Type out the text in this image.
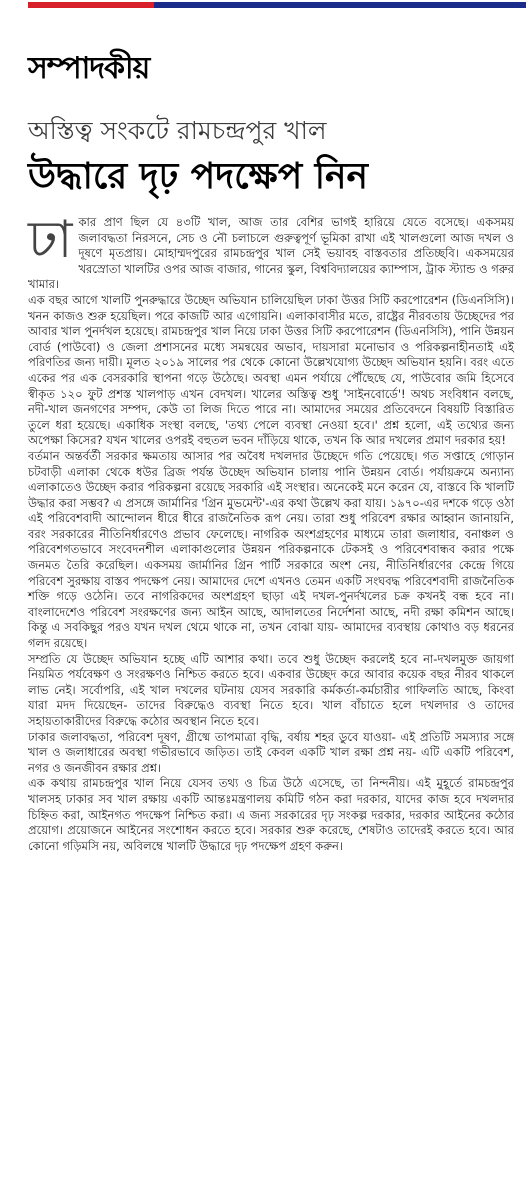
সম্পাদকীয়
অস্তিত্ব সংকটে রামচন্দ্রপুর খাল
উদ্ধারে দৃঢ় পদক্ষেপ নিন

ঢাকার প্রাণ ছিল যে ৪৩টি খাল, আজ তার বেশির ভাগই হারিয়ে যেতে বসেছে। একসময় জলাবদ্ধতা নিরসনে, সেচ ও নৌ চলাচলে গুরুত্বপূর্ণ ভূমিকা রাখা এই খালগুলো আজ দখল ও দূষণে মৃতপ্রায়। মোহাম্মদপুরের রামচন্দ্রপুর খাল সেই ভয়াবহ বাস্তবতার প্রতিচ্ছবি। একসময়ের খরস্রোতা খালটির ওপর আজ বাজার, গানের স্কুল, বিশ্ববিদ্যালয়ের ক্যাম্পাস, ট্রাক স্ট্যান্ড ও গরুর খামার।

এক বছর আগে খালটি পুনরুদ্ধারে উচ্ছেদ অভিযান চালিয়েছিল ঢাকা উত্তর সিটি করপোরেশন (ডিএনসিসি)। খনন কাজও শুরু হয়েছিল। পরে কাজটি আর এগোয়নি। এলাকাবাসীর মতে, রাষ্ট্রের নীরবতায় উচ্ছেদের পর আবার খাল পুনর্দখল হয়েছে। রামচন্দ্রপুর খাল নিয়ে ঢাকা উত্তর সিটি করপোরেশন (ডিএনসিসি), পানি উন্নয়ন বোর্ড (পাউবো) ও জেলা প্রশাসনের মধ্যে সমন্বয়ের অভাব, দায়সারা মনোভাব ও পরিকল্পনাহীনতাই এই পরিণতির জন্য দায়ী। মূলত ২০১৯ সালের পর থেকে কোনো উল্লেখযোগ্য উচ্ছেদ অভিযান হয়নি। বরং এতে একের পর এক বেসরকারি স্থাপনা গড়ে উঠেছে। অবস্থা এমন পর্যায়ে পৌঁছেছে যে, পাউবোর জমি হিসেবে স্বীকৃত ১২০ ফুট প্রশস্ত খালপাড় এখন বেদখল। খালের অস্তিত্ব শুধু 'সাইনবোর্ডে'! অথচ সংবিধান বলছে, নদী-খাল জনগণের সম্পদ, কেউ তা লিজ দিতে পারে না। আমাদের সময়ের প্রতিবেদনে বিষয়টি বিস্তারিত তুলে ধরা হয়েছে। একাধিক সংস্থা বলছে, 'তথ্য পেলে ব্যবস্থা নেওয়া হবে।' প্রশ্ন হলো, এই তথ্যের জন্য অপেক্ষা কিসের? যখন খালের ওপরই বহুতল ভবন দাঁড়িয়ে থাকে, তখন কি আর দখলের প্রমাণ দরকার হয়!

বর্তমান অন্তর্বর্তী সরকার ক্ষমতায় আসার পর অবৈধ দখলদার উচ্ছেদে গতি পেয়েছে। গত সপ্তাহে গোড়ান চটবাড়ী এলাকা থেকে ধউর ব্রিজ পর্যন্ত উচ্ছেদ অভিযান চালায় পানি উন্নয়ন বোর্ড। পর্যায়ক্রমে অন্যান্য এলাকাতেও উচ্ছেদ করার পরিকল্পনা রয়েছে সরকারি এই সংস্থার। অনেকেই মনে করেন যে, বাস্তবে কি খালটি উদ্ধার করা সম্ভব? এ প্রসঙ্গে জার্মানির 'গ্রিন মুভমেন্ট'-এর কথা উল্লেখ করা যায়। ১৯৭০-এর দশকে গড়ে ওঠা এই পরিবেশবাদী আন্দোলন ধীরে ধীরে রাজনৈতিক রূপ নেয়। তারা শুধু পরিবেশ রক্ষার আহ্বান জানায়নি, বরং সরকারের নীতিনির্ধারণেও প্রভাব ফেলেছে। নাগরিক অংশগ্রহণের মাধ্যমে তারা জলাধার, বনাঞ্চল ও পরিবেশগতভাবে সংবেদনশীল এলাকাগুলোর উন্নয়ন পরিকল্পনাকে টেকসই ও পরিবেশবান্ধব করার পক্ষে জনমত তৈরি করেছিল। একসময় জার্মানির গ্রিন পার্টি সরকারে অংশ নেয়, নীতিনির্ধারণের কেন্দ্রে গিয়ে পরিবেশ সুরক্ষায় বাস্তব পদক্ষেপ নেয়। আমাদের দেশে এখনও তেমন একটি সংঘবদ্ধ পরিবেশবাদী রাজনৈতিক শক্তি গড়ে ওঠেনি। তবে নাগরিকদের অংশগ্রহণ ছাড়া এই দখল-পুনর্দখলের চক্র কখনই বন্ধ হবে না। বাংলাদেশেও পরিবেশ সংরক্ষণের জন্য আইন আছে, আদালতের নির্দেশনা আছে, নদী রক্ষা কমিশন আছে। কিন্তু এ সবকিছুর পরও যখন দখল থেমে থাকে না, তখন বোঝা যায়- আমাদের ব্যবস্থায় কোথাও বড় ধরনের গলদ রয়েছে।

সম্প্রতি যে উচ্ছেদ অভিযান হচ্ছে এটি আশার কথা। তবে শুধু উচ্ছেদ করলেই হবে না-দখলমুক্ত জায়গা নিয়মিত পর্যবেক্ষণ ও সংরক্ষণও নিশ্চিত করতে হবে। একবার উচ্ছেদ করে আবার কয়েক বছর নীরব থাকলে লাভ নেই। সর্বোপরি, এই খাল দখলের ঘটনায় যেসব সরকারি কর্মকর্তা-কর্মচারীর গাফিলতি আছে, কিংবা যারা মদদ দিয়েছেন- তাদের বিরুদ্ধেও ব্যবস্থা নিতে হবে। খাল বাঁচাতে হলে দখলদার ও তাদের সহায়তাকারীদের বিরুদ্ধে কঠোর অবস্থান নিতে হবে।

ঢাকার জলাবদ্ধতা, পরিবেশ দূষণ, গ্রীষ্মে তাপমাত্রা বৃদ্ধি, বর্ষায় শহর ডুবে যাওয়া- এই প্রতিটি সমস্যার সঙ্গে খাল ও জলাধারের অবস্থা গভীরভাবে জড়িত। তাই কেবল একটি খাল রক্ষা প্রশ্ন নয়- এটি একটি পরিবেশ, নগর ও জনজীবন রক্ষার প্রশ্ন।

এক কথায় রামচন্দ্রপুর খাল নিয়ে যেসব তথ্য ও চিত্র উঠে এসেছে, তা নিন্দনীয়। এই মুহূর্তে রামচন্দ্রপুর খালসহ ঢাকার সব খাল রক্ষায় একটি আন্তঃমন্ত্রণালয় কমিটি গঠন করা দরকার, যাদের কাজ হবে দখলদার চিহ্নিত করা, আইনগত পদক্ষেপ নিশ্চিত করা। এ জন্য সরকারের দৃঢ় সংকল্প দরকার, দরকার আইনের কঠোর প্রয়োগ। প্রয়োজনে আইনের সংশোধন করতে হবে। সরকার শুরু করেছে, শেষটাও তাদেরই করতে হবে। আর কোনো গড়িমসি নয়, অবিলম্বে খালটি উদ্ধারে দৃঢ় পদক্ষেপ গ্রহণ করুন।
